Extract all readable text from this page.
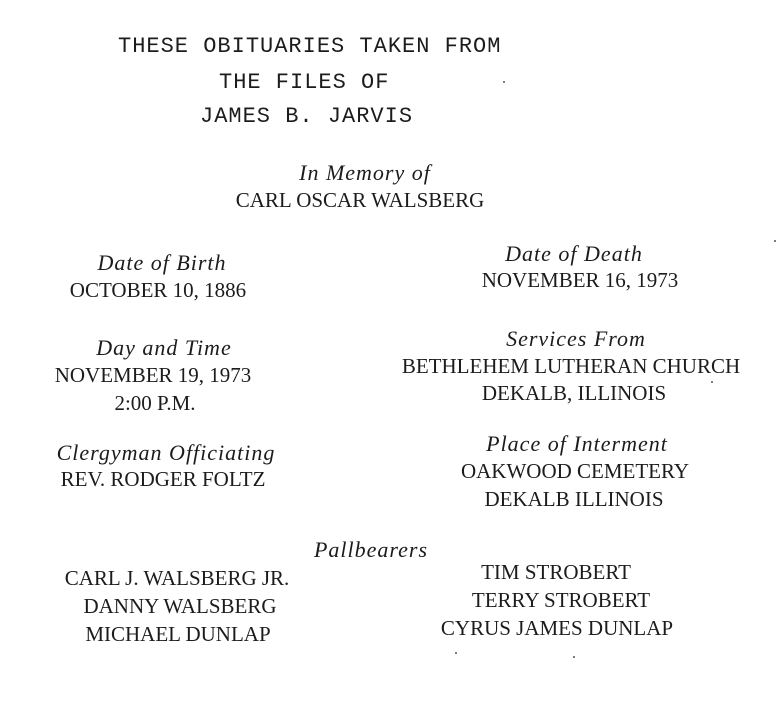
THESE OBITUARIES TAKEN FROM
THE FILES OF
JAMES B. JARVIS
In Memory of
CARL OSCAR WALSBERG
Date of Birth
OCTOBER 10, 1886
Date of Death
NOVEMBER 16, 1973
Day and Time
NOVEMBER 19, 1973
2:00 P.M.
Services From
BETHLEHEM LUTHERAN CHURCH
DEKALB, ILLINOIS
Clergyman Officiating
REV. RODGER FOLTZ
Place of Interment
OAKWOOD CEMETERY
DEKALB ILLINOIS
Pallbearers
CARL J. WALSBERG JR.
DANNY WALSBERG
MICHAEL DUNLAP
TIM STROBERT
TERRY STROBERT
CYRUS JAMES DUNLAP
